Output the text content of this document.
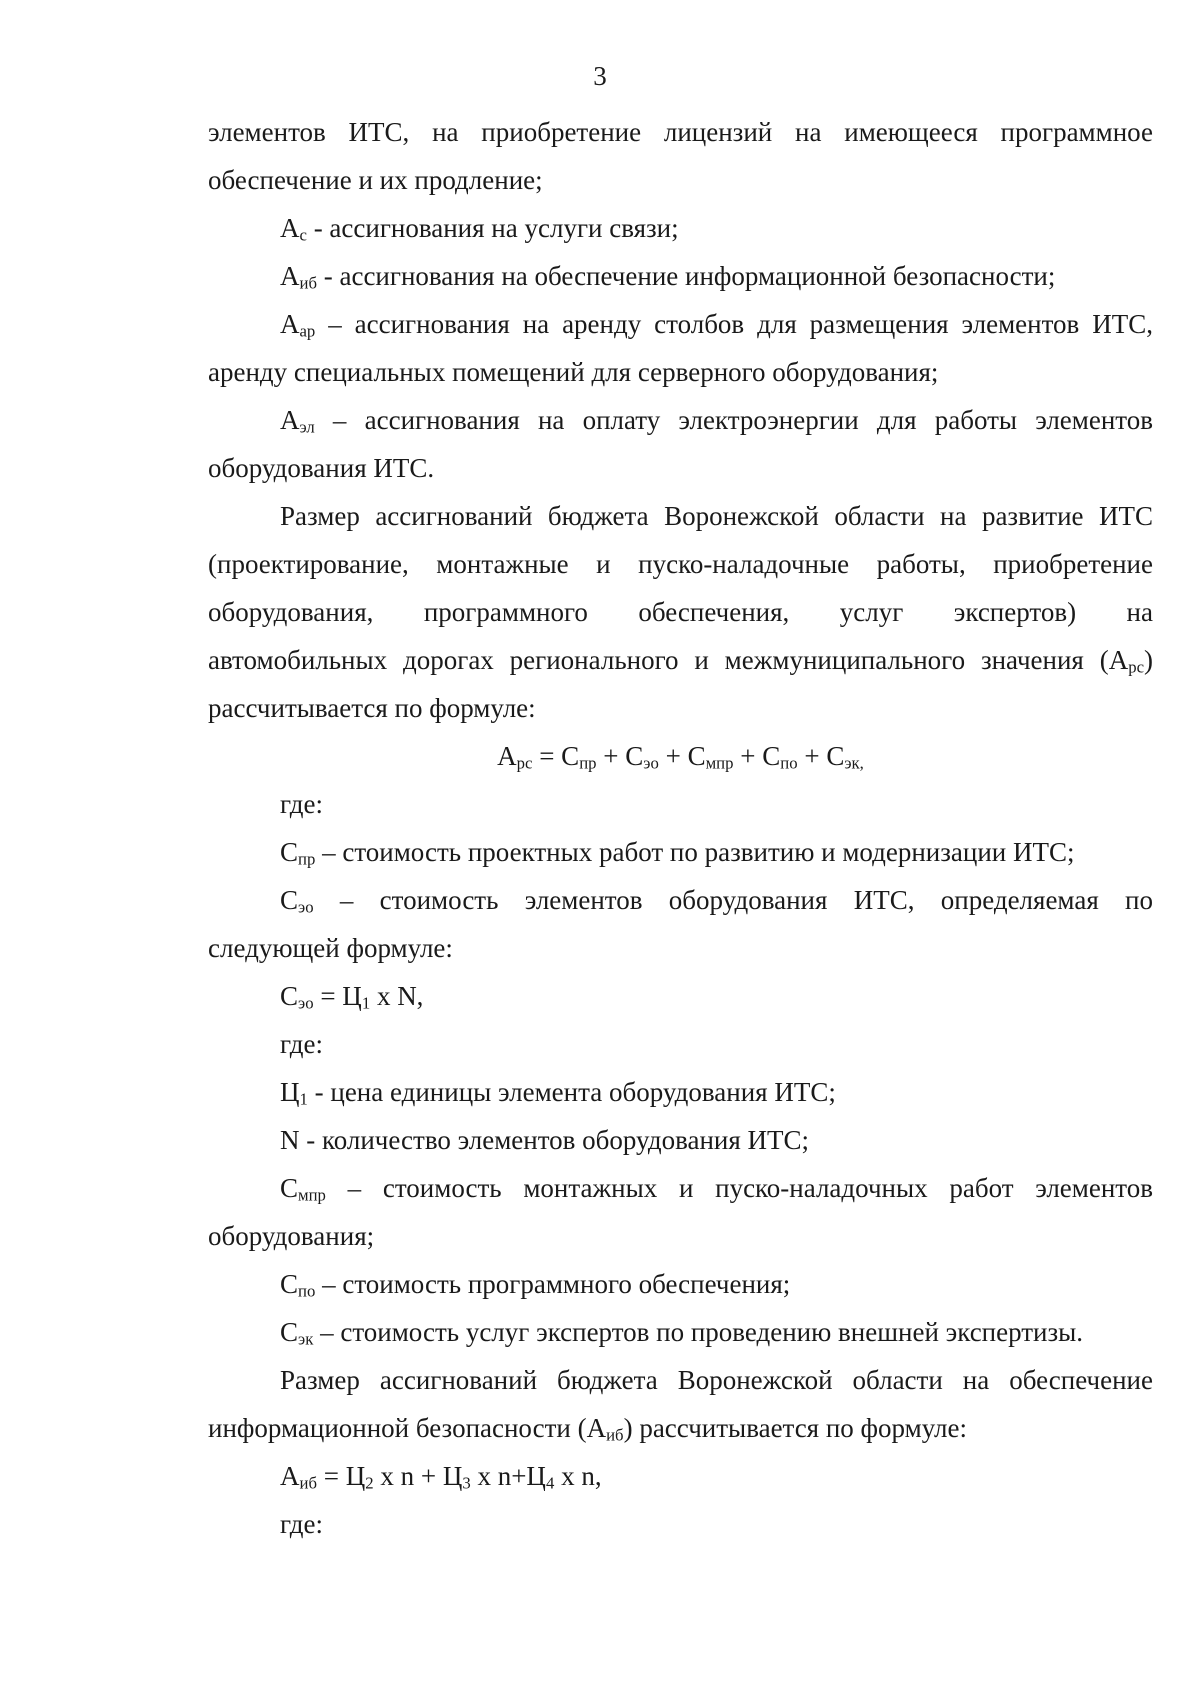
3

элементов ИТС, на приобретение лицензий на имеющееся программное

обеспечение и их продление;

$А_с$ - ассигнования на услуги связи;

$А_{иб}$ - ассигнования на обеспечение информационной безопасности;

$А_{ар}$ – ассигнования на аренду столбов для размещения элементов ИТС,

аренду специальных помещений для серверного оборудования;

$А_{эл}$ – ассигнования на оплату электроэнергии для работы элементов

оборудования ИТС.

Размер ассигнований бюджета Воронежской области на развитие ИТС

(проектирование, монтажные и пуско-наладочные работы, приобретение

оборудования, программного обеспечения, услуг экспертов) на

автомобильных дорогах регионального и межмуниципального значения $(А_{рс})$

рассчитывается по формуле:

$А_{рс} = С_{пр} + С_{эо} + С_{мпр} + С_{по} + С_{эк,}$

где:

$С_{пр}$ – стоимость проектных работ по развитию и модернизации ИТС;

$С_{эо}$ – стоимость элементов оборудования ИТС, определяемая по

следующей формуле:

$С_{эо} = Ц_1$ x N,

где:

$Ц_1$ - цена единицы элемента оборудования ИТС;

N - количество элементов оборудования ИТС;

$С_{мпр}$ – стоимость монтажных и пуско-наладочных работ элементов

оборудования;

$С_{по}$ – стоимость программного обеспечения;

$С_{эк}$ – стоимость услуг экспертов по проведению внешней экспертизы.

Размер ассигнований бюджета Воронежской области на обеспечение

информационной безопасности $(А_{иб})$ рассчитывается по формуле:

$А_{иб} = Ц_2$ x $n + Ц_3$ x $n+Ц_4$ x n,

где:
